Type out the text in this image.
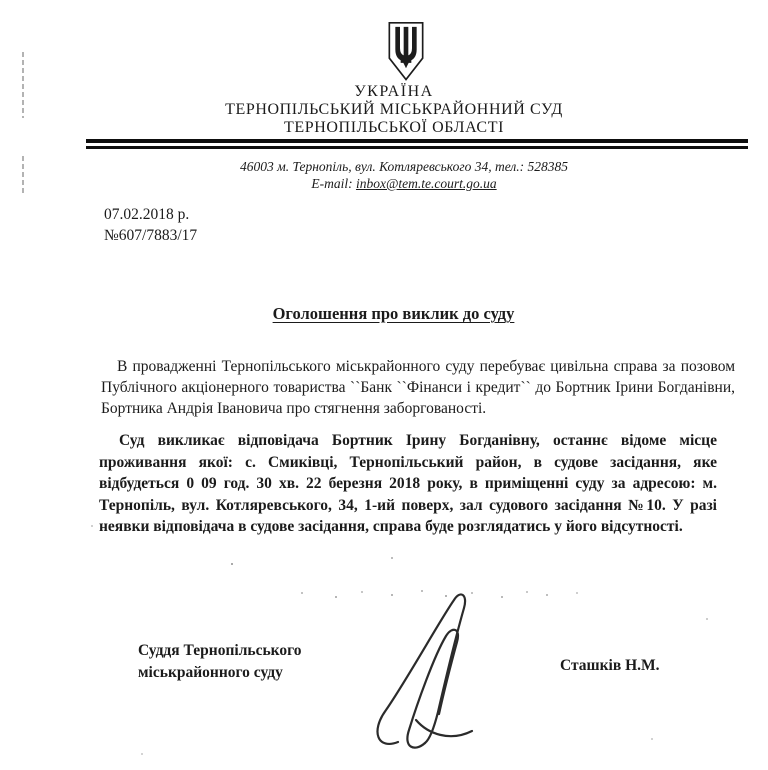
УКРАЇНА
ТЕРНОПІЛЬСЬКИЙ МІСЬКРАЙОННИЙ СУД
ТЕРНОПІЛЬСЬКОЇ ОБЛАСТІ
46003 м. Тернопіль, вул. Котляревського 34, тел.: 528385
E-mail: inbox@tem.te.court.go.ua
07.02.2018 р.
№607/7883/17
Оголошення про виклик до суду
В провадженні Тернопільського міськрайонного суду перебуває цивільна справа за позовом Публічного акціонерного товариства ``Банк ``Фінанси і кредит`` до Бортник Ірини Богданівни, Бортника Андрія Івановича про стягнення заборгованості.
Суд викликає відповідача Бортник Ірину Богданівну, останнє відоме місце проживання якої: с. Смиківці, Тернопільський район, в судове засідання, яке відбудеться 0 09 год. 30 хв. 22 березня 2018 року, в приміщенні суду за адресою: м. Тернопіль, вул. Котляревського, 34, 1-ий поверх, зал судового засідання №10. У разі неявки відповідача в судове засідання, справа буде розглядатись у його відсутності.
Суддя Тернопільського
міськрайонного суду	Сташків Н.М.
